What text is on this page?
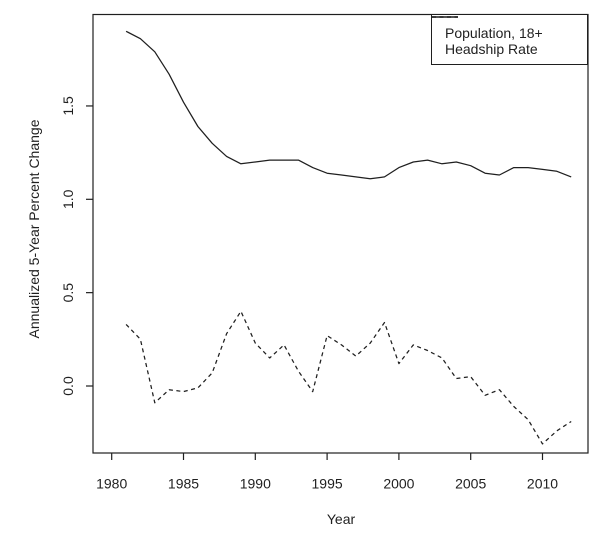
1980	1985	1990	1995	2000	2005	2010
0.0
0.5
1.0
1.5
Annualized 5-Year Percent Change
Year
Population, 18+
Headship Rate
